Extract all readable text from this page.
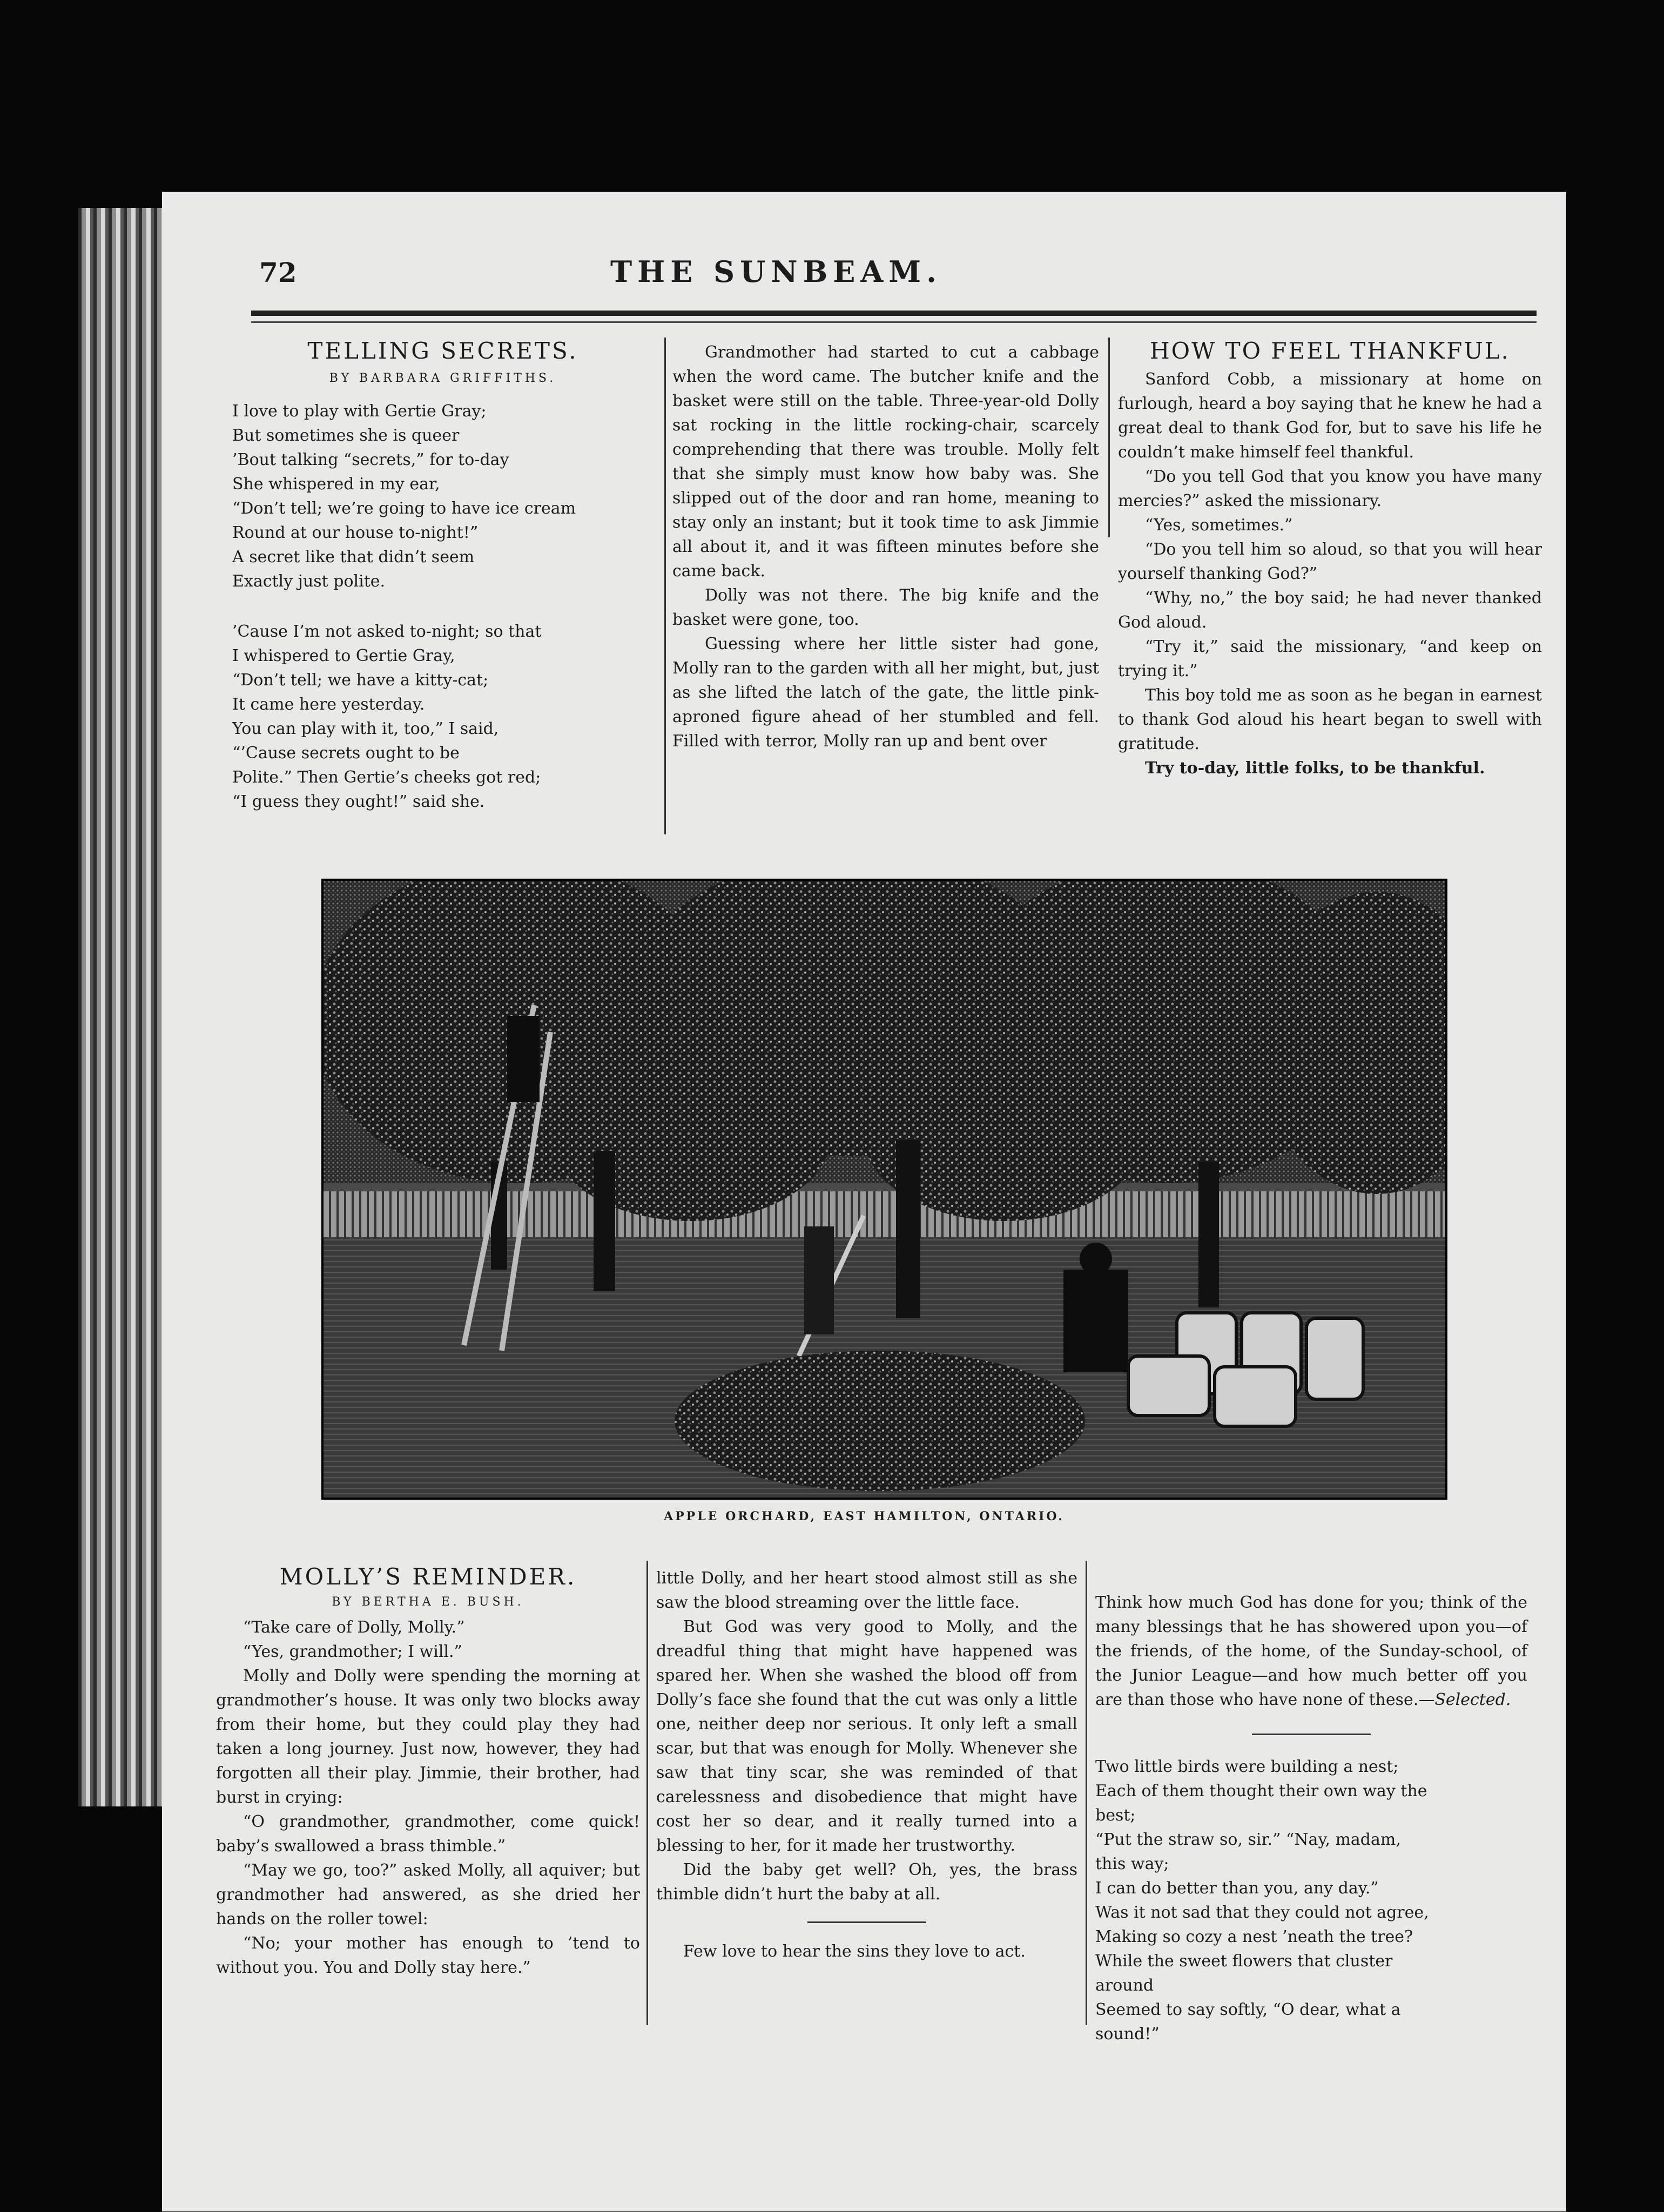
72	THE SUNBEAM.
TELLING SECRETS.

BY BARBARA GRIFFITHS.

I love to play with Gertie Gray;
But sometimes she is queer
’Bout talking “secrets,” for to-day
She whispered in my ear,
“Don’t tell; we’re going to have ice cream
Round at our house to-night!”
A secret like that didn’t seem
Exactly just polite.
’Cause I’m not asked to-night; so that
I whispered to Gertie Gray,
“Don’t tell; we have a kitty-cat;
It came here yesterday.
You can play with it, too,” I said,
“’Cause secrets ought to be
Polite.” Then Gertie’s cheeks got red;
“I guess they ought!” said she.
Grandmother had started to cut a cabbage when the word came. The butcher knife and the basket were still on the table. Three-year-old Dolly sat rocking in the little rocking-chair, scarcely comprehending that there was trouble. Molly felt that she simply must know how baby was. She slipped out of the door and ran home, meaning to stay only an instant; but it took time to ask Jimmie all about it, and it was fifteen minutes before she came back.
Dolly was not there. The big knife and the basket were gone, too.
Guessing where her little sister had gone, Molly ran to the garden with all her might, but, just as she lifted the latch of the gate, the little pink-aproned figure ahead of her stumbled and fell. Filled with terror, Molly ran up and bent over
HOW TO FEEL THANKFUL.
Sanford Cobb, a missionary at home on furlough, heard a boy saying that he knew he had a great deal to thank God for, but to save his life he couldn’t make himself feel thankful.
“Do you tell God that you know you have many mercies?” asked the missionary.
“Yes, sometimes.”
“Do you tell him so aloud, so that you will hear yourself thanking God?”
“Why, no,” the boy said; he had never thanked God aloud.
“Try it,” said the missionary, “and keep on trying it.”
This boy told me as soon as he began in earnest to thank God aloud his heart began to swell with gratitude.
Try to-day, little folks, to be thankful.
APPLE ORCHARD, EAST HAMILTON, ONTARIO.
MOLLY’S REMINDER.

BY BERTHA E. BUSH.

“Take care of Dolly, Molly.”
“Yes, grandmother; I will.”
Molly and Dolly were spending the morning at grandmother’s house. It was only two blocks away from their home, but they could play they had taken a long journey. Just now, however, they had forgotten all their play. Jimmie, their brother, had burst in crying:
“O grandmother, grandmother, come quick! baby’s swallowed a brass thimble.”
“May we go, too?” asked Molly, all aquiver; but grandmother had answered, as she dried her hands on the roller towel:
“No; your mother has enough to ’tend to without you. You and Dolly stay here.”
little Dolly, and her heart stood almost still as she saw the blood streaming over the little face.
But God was very good to Molly, and the dreadful thing that might have happened was spared her. When she washed the blood off from Dolly’s face she found that the cut was only a little one, neither deep nor serious. It only left a small scar, but that was enough for Molly. Whenever she saw that tiny scar, she was reminded of that carelessness and disobedience that might have cost her so dear, and it really turned into a blessing to her, for it made her trustworthy.
Did the baby get well? Oh, yes, the brass thimble didn’t hurt the baby at all.
Few love to hear the sins they love to act.

Think how much God has done for you; think of the many blessings that he has showered upon you—of the friends, of the home, of the Sunday-school, of the Junior League—and how much better off you are than those who have none of these.—Selected.

Two little birds were building a nest;
Each of them thought their own way the
best;
“Put the straw so, sir.” “Nay, madam,
this way;
I can do better than you, any day.”
Was it not sad that they could not agree,
Making so cozy a nest ’neath the tree?
While the sweet flowers that cluster
around
Seemed to say softly, “O dear, what a
sound!”
